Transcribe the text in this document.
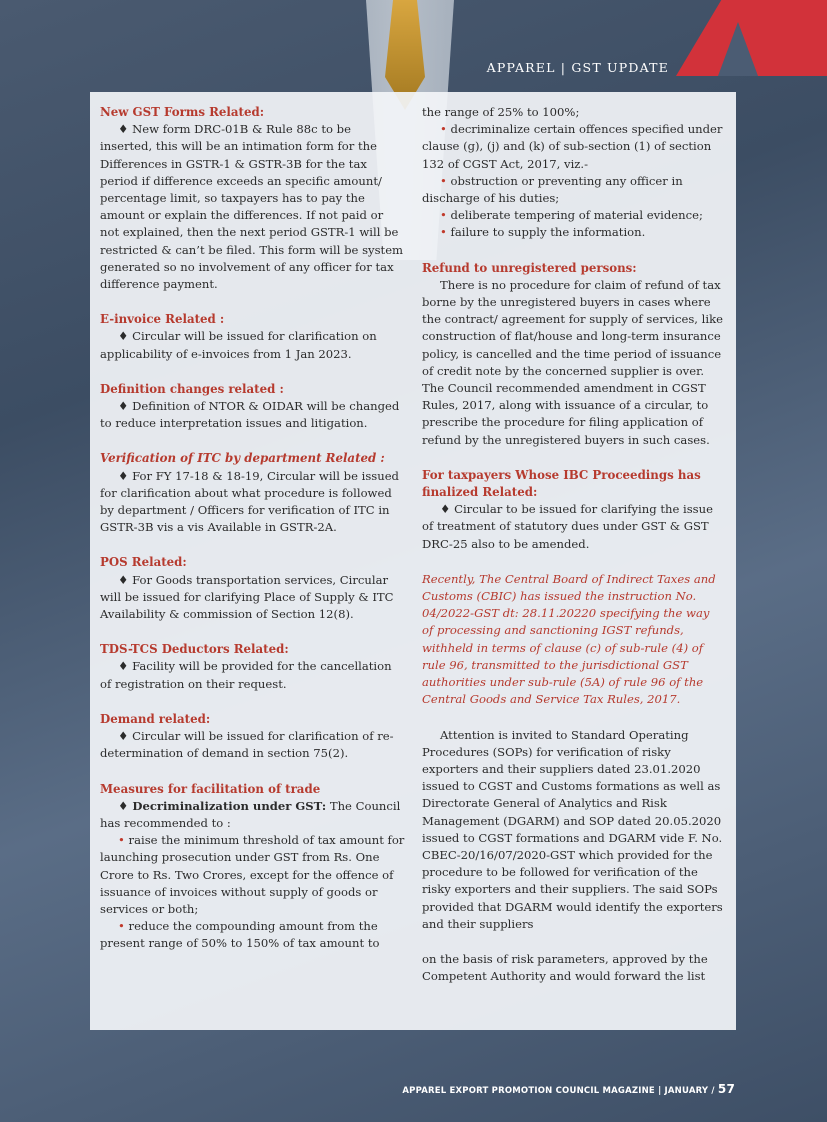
APPAREL | GST UPDATE

New GST Forms Related:

♦ New form DRC-01B & Rule 88c to be inserted, this will be an intimation form for the Differences in GSTR-1 & GSTR-3B for the tax period if difference exceeds an specific amount/ percentage limit, so taxpayers has to pay the amount or explain the differences. If not paid or not explained, then the next period GSTR-1 will be restricted & can’t be filed. This form will be system generated so no involvement of any officer for tax difference payment.

E-invoice Related :

♦ Circular will be issued for clarification on applicability of e-invoices from 1 Jan 2023.

Definition changes related :

♦ Definition of NTOR & OIDAR will be changed to reduce interpretation issues and litigation.

Verification of ITC by department Related :

♦ For FY 17-18 & 18-19, Circular will be issued for clarification about what procedure is followed by department / Officers for verification of ITC in GSTR-3B vis a vis Available in GSTR-2A.

POS Related:

♦ For Goods transportation services, Circular will be issued for clarifying Place of Supply & ITC Availability & commission of Section 12(8).

TDS-TCS Deductors Related:

♦ Facility will be provided for the cancellation of registration on their request.

Demand related:

♦ Circular will be issued for clarification of re-determination of demand in section 75(2).

Measures for facilitation of trade

♦ Decriminalization under GST: The Council has recommended to :

• raise the minimum threshold of tax amount for launching prosecution under GST from Rs. One Crore to Rs. Two Crores, except for the offence of issuance of invoices without supply of goods or services or both;

• reduce the compounding amount from the present range of 50% to 150% of tax amount to

the range of 25% to 100%;

• decriminalize certain offences specified under clause (g), (j) and (k) of sub-section (1) of section 132 of CGST Act, 2017, viz.-

• obstruction or preventing any officer in discharge of his duties;

• deliberate tempering of material evidence;

• failure to supply the information.

Refund to unregistered persons:

There is no procedure for claim of refund of tax borne by the unregistered buyers in cases where the contract/ agreement for supply of services, like construction of flat/house and long-term insurance policy, is cancelled and the time period of issuance of credit note by the concerned supplier is over. The Council recommended amendment in CGST Rules, 2017, along with issuance of a circular, to prescribe the procedure for filing application of refund by the unregistered buyers in such cases.

For taxpayers Whose IBC Proceedings has finalized Related:

♦ Circular to be issued for clarifying the issue of treatment of statutory dues under GST & GST DRC-25 also to be amended.

Recently, The Central Board of Indirect Taxes and Customs (CBIC) has issued the instruction No. 04/2022-GST dt: 28.11.20220 specifying the way of processing and sanctioning IGST refunds, withheld in terms of clause (c) of sub-rule (4) of rule 96, transmitted to the jurisdictional GST authorities under sub-rule (5A) of rule 96 of the Central Goods and Service Tax Rules, 2017.

Attention is invited to Standard Operating Procedures (SOPs) for verification of risky exporters and their suppliers dated 23.01.2020 issued to CGST and Customs formations as well as Directorate General of Analytics and Risk Management (DGARM) and SOP dated 20.05.2020 issued to CGST formations and DGARM vide F. No. CBEC-20/16/07/2020-GST which provided for the procedure to be followed for verification of the risky exporters and their suppliers. The said SOPs provided that DGARM would identify the exporters and their suppliers

on the basis of risk parameters, approved by the Competent Authority and would forward the list

APPAREL EXPORT PROMOTION COUNCIL MAGAZINE | JANUARY / 57
